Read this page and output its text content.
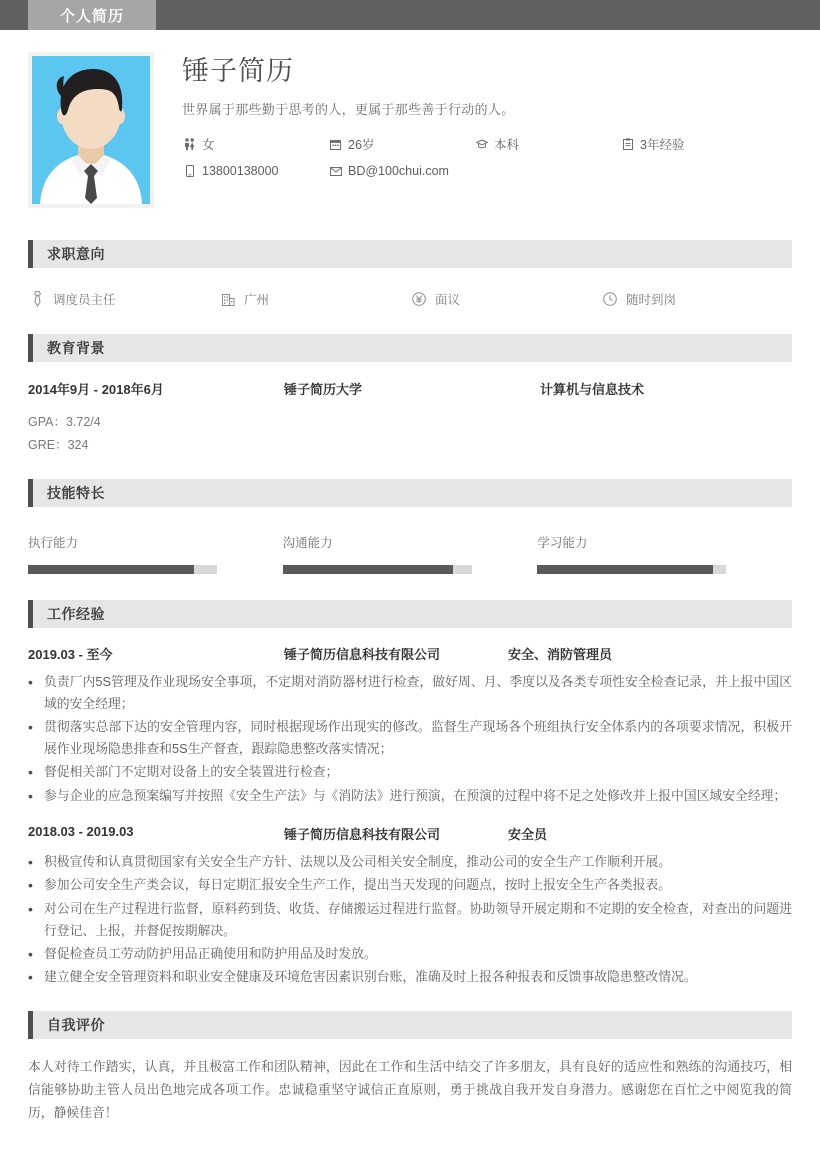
个人简历
锤子简历
世界属于那些勤于思考的人，更属于那些善于行动的人。
女	26岁	本科	3年经验
13800138000	BD@100chui.com
求职意向
调度员主任	广州	面议	随时到岗
教育背景
2014年9月 - 2018年6月	锤子简历大学	计算机与信息技术
GPA：3.72/4
GRE：324
技能特长
执行能力	沟通能力	学习能力
工作经验
2019.03 - 至今	锤子简历信息科技有限公司	安全、消防管理员
• 负责厂内5S管理及作业现场安全事项，不定期对消防器材进行检查，做好周、月、季度以及各类专项性安全检查记录，并上报中国区域的安全经理；
• 贯彻落实总部下达的安全管理内容，同时根据现场作出现实的修改。监督生产现场各个班组执行安全体系内的各项要求情况，积极开展作业现场隐患排查和5S生产督查，跟踪隐患整改落实情况；
• 督促相关部门不定期对设备上的安全装置进行检查；
• 参与企业的应急预案编写并按照《安全生产法》与《消防法》进行预演，在预演的过程中将不足之处修改并上报中国区域安全经理；
2018.03 - 2019.03	锤子简历信息科技有限公司	安全员
• 积极宣传和认真贯彻国家有关安全生产方针、法规以及公司相关安全制度，推动公司的安全生产工作顺利开展。
• 参加公司安全生产类会议，每日定期汇报安全生产工作，提出当天发现的问题点，按时上报安全生产各类报表。
• 对公司在生产过程进行监督，原料药到货、收货、存储搬运过程进行监督。协助领导开展定期和不定期的安全检查，对查出的问题进行登记、上报，并督促按期解决。
• 督促检查员工劳动防护用品正确使用和防护用品及时发放。
• 建立健全安全管理资料和职业安全健康及环境危害因素识别台账，准确及时上报各种报表和反馈事故隐患整改情况。
自我评价
本人对待工作踏实，认真，并且极富工作和团队精神，因此在工作和生活中结交了许多朋友，具有良好的适应性和熟练的沟通技巧，相信能够协助主管人员出色地完成各项工作。忠诚稳重坚守诚信正直原则，勇于挑战自我开发自身潜力。感谢您在百忙之中阅览我的简历，静候佳音！
